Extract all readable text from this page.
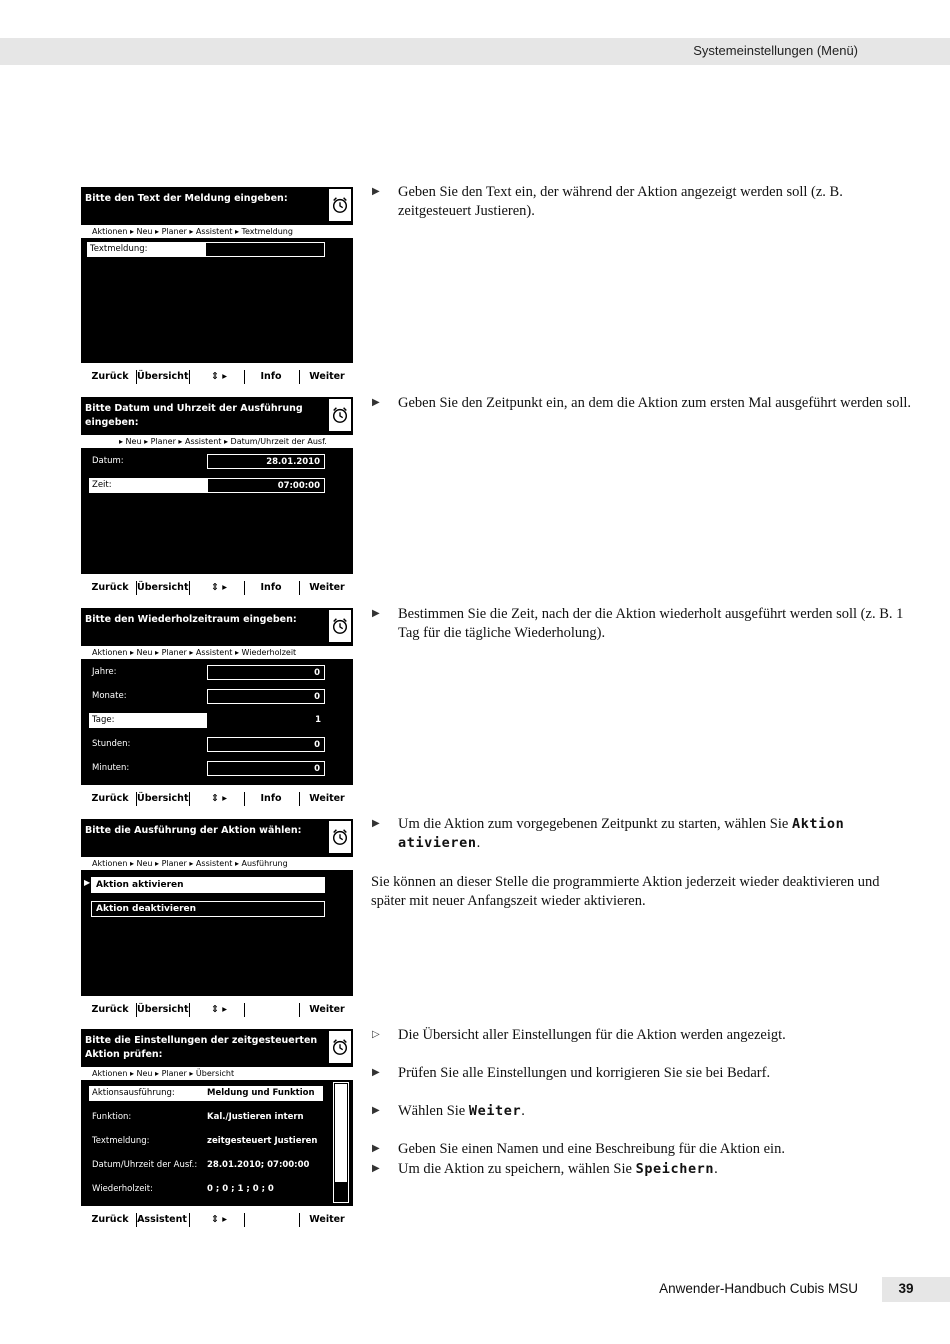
Systemeinstellungen (Menü)
Bitte den Text der Meldung eingeben:
Aktionen ▸ Neu ▸ Planer ▸ Assistent ▸ Textmeldung
Textmeldung:
Zurück Übersicht	⇕ ▸	Info	Weiter
Bitte Datum und Uhrzeit der Ausführung eingeben:
▸ Neu ▸ Planer ▸ Assistent ▸ Datum/Uhrzeit der Ausf.
Datum:	28.01.2010
Zeit:	07:00:00
Zurück Übersicht	⇕ ▸	Info	Weiter
Bitte den Wiederholzeitraum eingeben:
Aktionen ▸ Neu ▸ Planer ▸ Assistent ▸ Wiederholzeit
Jahre:	0
Monate:	0
Tage:	1
Stunden:	0
Minuten:	0
Zurück Übersicht	⇕ ▸	Info	Weiter
Bitte die Ausführung der Aktion wählen:
Aktionen ▸ Neu ▸ Planer ▸ Assistent ▸ Ausführung
▶ Aktion aktivieren
Aktion deaktivieren
Zurück Übersicht	⇕ ▸	Weiter
Bitte die Einstellungen der zeitgesteuerten Aktion prüfen:
Aktionen ▸ Neu ▸ Planer ▸ Übersicht
Aktionsausführung:	Meldung und Funktion
Funktion:	Kal./Justieren intern
Textmeldung:	zeitgesteuert Justieren
Datum/Uhrzeit der Ausf.: 28.01.2010; 07:00:00
Wiederholzeit:	0 ; 0 ; 1 ; 0 ; 0
Zurück Assistent	⇕ ▸	Weiter
▶ Geben Sie den Text ein, der während der Aktion angezeigt werden soll (z. B. zeitgesteuert Justieren).
▶ Geben Sie den Zeitpunkt ein, an dem die Aktion zum ersten Mal ausgeführt werden soll.
▶ Bestimmen Sie die Zeit, nach der die Aktion wiederholt ausgeführt werden soll (z. B. 1 Tag für die tägliche Wiederholung).
▶ Um die Aktion zum vorgegebenen Zeitpunkt zu starten, wählen Sie Aktion ativieren.
Sie können an dieser Stelle die programmierte Aktion jederzeit wieder deaktivieren und später mit neuer Anfangszeit wieder aktivieren.
▷ Die Übersicht aller Einstellungen für die Aktion werden angezeigt.
▶ Prüfen Sie alle Einstellungen und korrigieren Sie sie bei Bedarf.
▶ Wählen Sie Weiter.
▶ Geben Sie einen Namen und eine Beschreibung für die Aktion ein.
▶ Um die Aktion zu speichern, wählen Sie Speichern.
Anwender-Handbuch Cubis MSU	39
